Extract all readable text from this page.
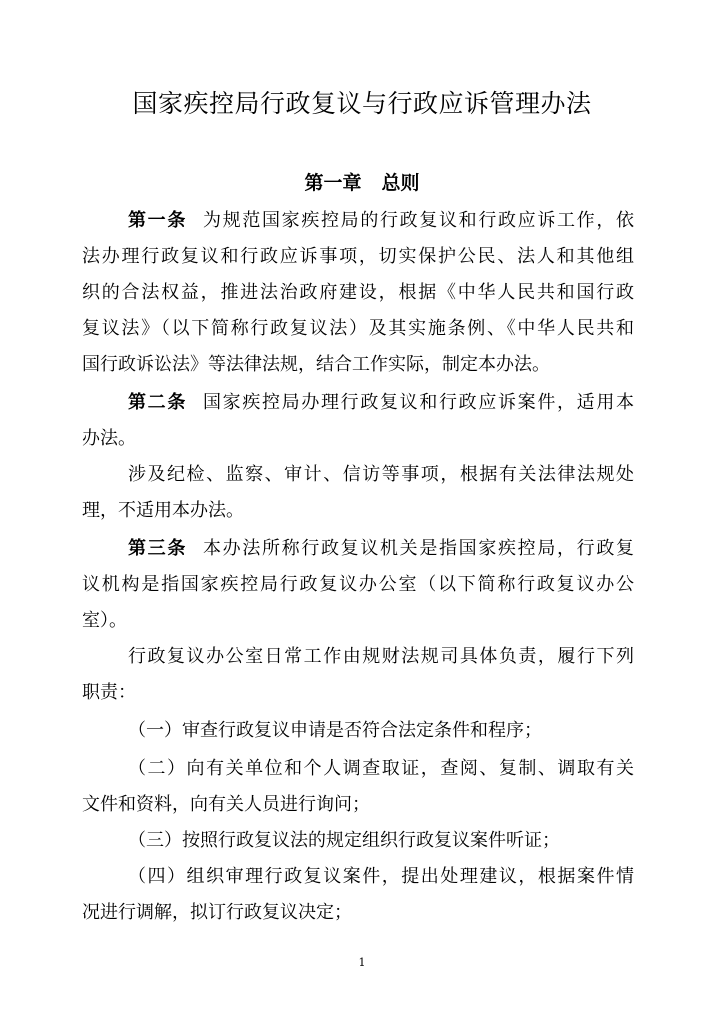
国家疾控局行政复议与行政应诉管理办法
第一章 总则
第一条 为规范国家疾控局的行政复议和行政应诉工作，依
法办理行政复议和行政应诉事项，切实保护公民、法人和其他组
织的合法权益，推进法治政府建设，根据《中华人民共和国行政
复议法》（以下简称行政复议法）及其实施条例、《中华人民共和
国行政诉讼法》等法律法规，结合工作实际，制定本办法。
第二条 国家疾控局办理行政复议和行政应诉案件，适用本
办法。
涉及纪检、监察、审计、信访等事项，根据有关法律法规处
理，不适用本办法。
第三条 本办法所称行政复议机关是指国家疾控局，行政复
议机构是指国家疾控局行政复议办公室（以下简称行政复议办公
室）。
行政复议办公室日常工作由规财法规司具体负责，履行下列
职责：
（一）审查行政复议申请是否符合法定条件和程序；
（二）向有关单位和个人调查取证，查阅、复制、调取有关
文件和资料，向有关人员进行询问；
（三）按照行政复议法的规定组织行政复议案件听证；
（四）组织审理行政复议案件，提出处理建议，根据案件情
况进行调解，拟订行政复议决定；
1
